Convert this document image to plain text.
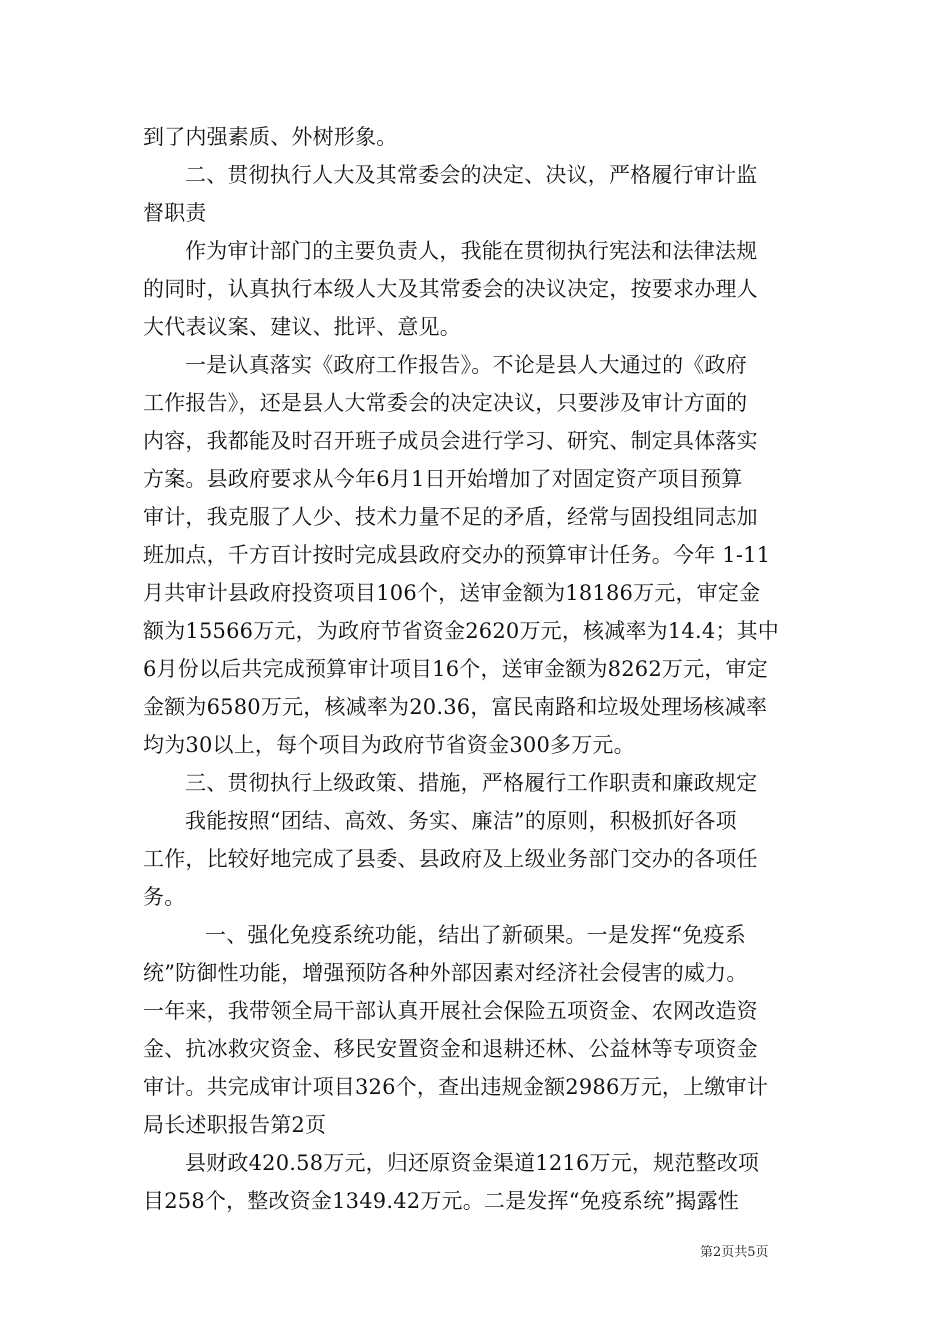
到了内强素质、外树形象。
二、贯彻执行人大及其常委会的决定、决议，严格履行审计监
督职责
作为审计部门的主要负责人，我能在贯彻执行宪法和法律法规
的同时，认真执行本级人大及其常委会的决议决定，按要求办理人
大代表议案、建议、批评、意见。
一是认真落实《政府工作报告》。不论是县人大通过的《政府
工作报告》，还是县人大常委会的决定决议，只要涉及审计方面的
内容，我都能及时召开班子成员会进行学习、研究、制定具体落实
方案。县政府要求从今年6月1日开始增加了对固定资产项目预算
审计，我克服了人少、技术力量不足的矛盾，经常与固投组同志加
班加点，千方百计按时完成县政府交办的预算审计任务。今年 1-11
月共审计县政府投资项目106个，送审金额为18186万元，审定金
额为15566万元，为政府节省资金2620万元，核减率为14.4；其中
6月份以后共完成预算审计项目16个，送审金额为8262万元，审定
金额为6580万元，核减率为20.36，富民南路和垃圾处理场核减率
均为30以上，每个项目为政府节省资金300多万元。
三、贯彻执行上级政策、措施，严格履行工作职责和廉政规定
我能按照“团结、高效、务实、廉洁”的原则，积极抓好各项
工作，比较好地完成了县委、县政府及上级业务部门交办的各项任
务。
一、强化免疫系统功能，结出了新硕果。一是发挥“免疫系
统”防御性功能，增强预防各种外部因素对经济社会侵害的威力。
一年来，我带领全局干部认真开展社会保险五项资金、农网改造资
金、抗冰救灾资金、移民安置资金和退耕还林、公益林等专项资金
审计。共完成审计项目326个，查出违规金额2986万元，上缴审计
局长述职报告第2页
县财政420.58万元，归还原资金渠道1216万元，规范整改项
目258个，整改资金1349.42万元。二是发挥“免疫系统”揭露性
第2页共5页
